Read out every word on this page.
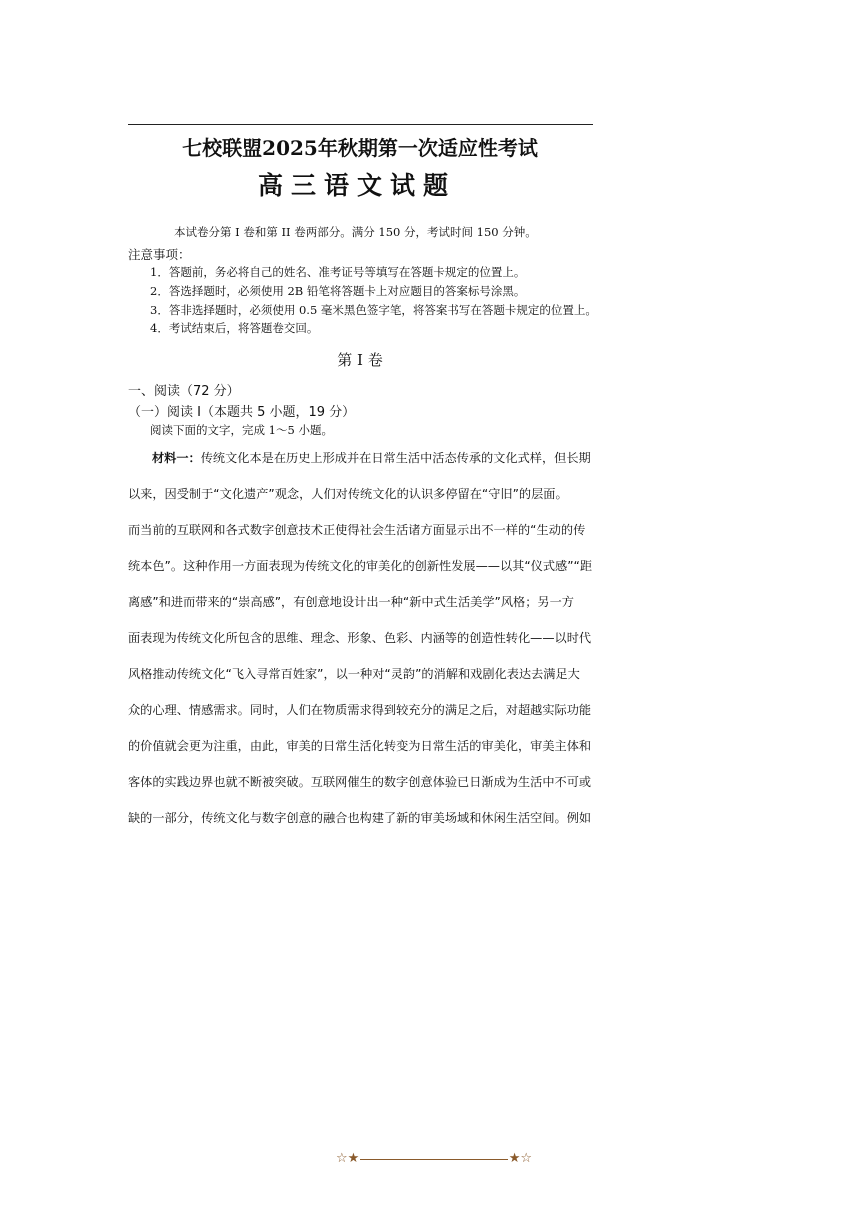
七校联盟2025年秋期第一次适应性考试
高三语文试题
本试卷分第 I 卷和第 II 卷两部分。满分 150 分，考试时间 150 分钟。
注意事项：
1．答题前，务必将自己的姓名、准考证号等填写在答题卡规定的位置上。
2．答选择题时，必须使用 2B 铅笔将答题卡上对应题目的答案标号涂黑。
3．答非选择题时，必须使用 0.5 毫米黑色签字笔，将答案书写在答题卡规定的位置上。
4．考试结束后，将答题卷交回。
第 I 卷
一、阅读（72 分）
（一）阅读 I（本题共 5 小题，19 分）
阅读下面的文字，完成 1～5 小题。
材料一：传统文化本是在历史上形成并在日常生活中活态传承的文化式样，但长期
以来，因受制于“文化遗产”观念，人们对传统文化的认识多停留在“守旧”的层面。
而当前的互联网和各式数字创意技术正使得社会生活诸方面显示出不一样的“生动的传
统本色”。这种作用一方面表现为传统文化的审美化的创新性发展——以其“仪式感”“距
离感”和进而带来的“崇高感”，有创意地设计出一种“新中式生活美学”风格；另一方
面表现为传统文化所包含的思维、理念、形象、色彩、内涵等的创造性转化——以时代
风格推动传统文化“飞入寻常百姓家”，以一种对“灵韵”的消解和戏剧化表达去满足大
众的心理、情感需求。同时，人们在物质需求得到较充分的满足之后，对超越实际功能
的价值就会更为注重，由此，审美的日常生活化转变为日常生活的审美化，审美主体和
客体的实践边界也就不断被突破。互联网催生的数字创意体验已日渐成为生活中不可或
缺的一部分，传统文化与数字创意的融合也构建了新的审美场域和休闲生活空间。例如
☆★	★☆
